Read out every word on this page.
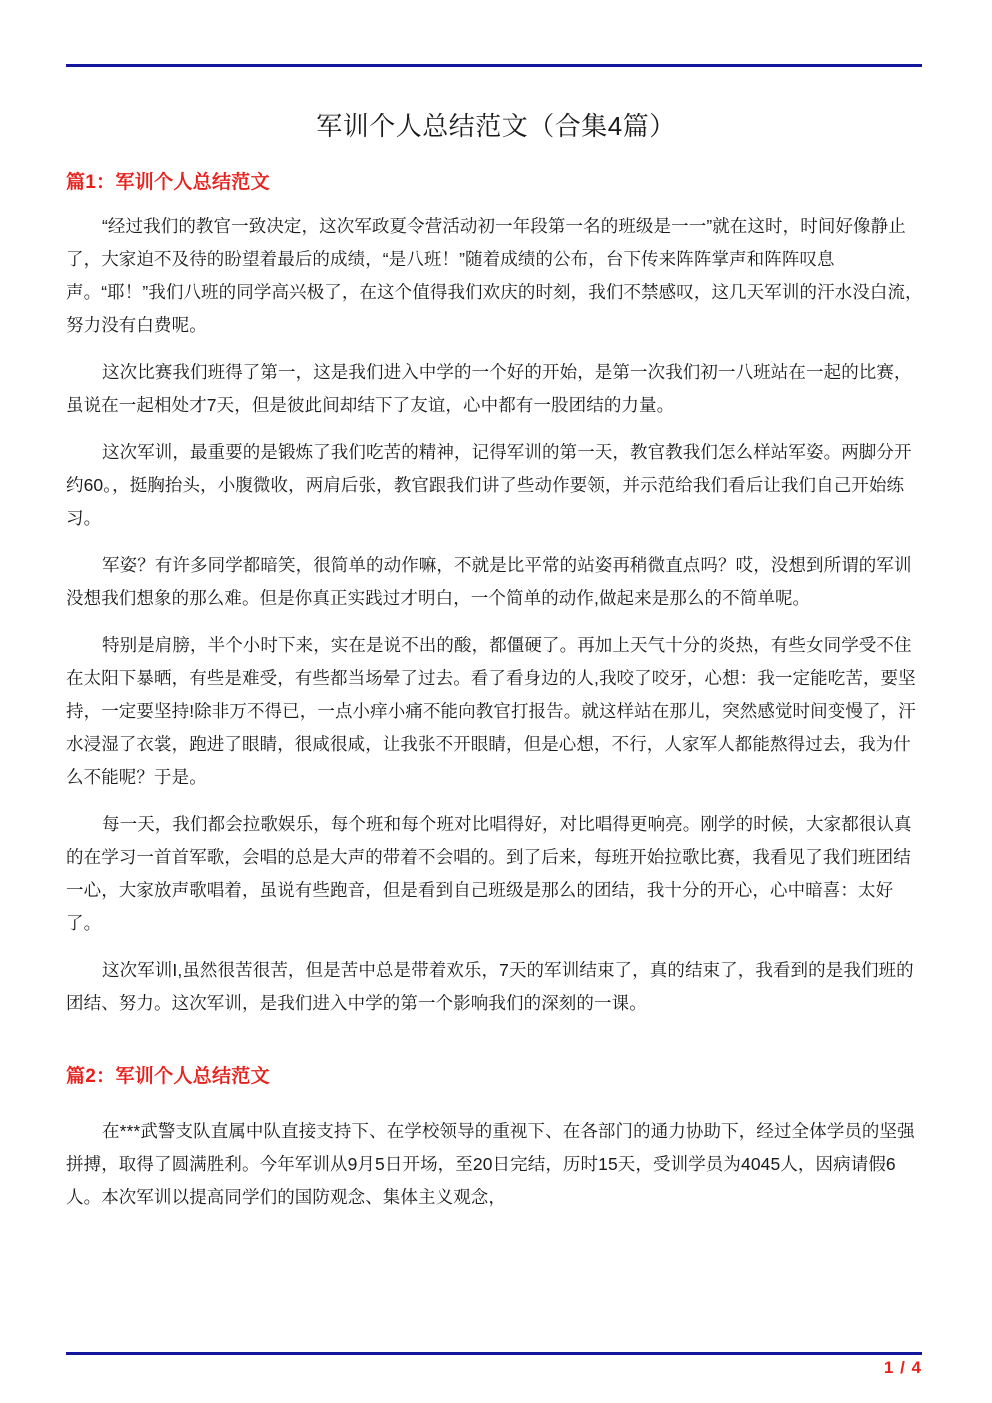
军训个人总结范文（合集4篇）
篇1：军训个人总结范文

“经过我们的教官一致决定，这次军政夏令营活动初一年段第一名的班级是一一”就在这时，时间好像静止了，大家迫不及待的盼望着最后的成绩，“是八班！”随着成绩的公布，台下传来阵阵掌声和阵阵叹息声。“耶！”我们八班的同学高兴极了，在这个值得我们欢庆的时刻，我们不禁感叹，这几天军训的汗水没白流，努力没有白费呢。

这次比赛我们班得了第一，这是我们进入中学的一个好的开始，是第一次我们初一八班站在一起的比赛，虽说在一起相处才7天，但是彼此间却结下了友谊，心中都有一股团结的力量。

这次军训，最重要的是锻炼了我们吃苦的精神，记得军训的第一天，教官教我们怎么样站军姿。两脚分开约60。，挺胸抬头，小腹微收，两肩后张，教官跟我们讲了些动作要领，并示范给我们看后让我们自己开始练习。

军姿？有许多同学都暗笑，很简单的动作嘛，不就是比平常的站姿再稍微直点吗？哎，没想到所谓的军训没想我们想象的那么难。但是你真正实践过才明白，一个简单的动作,做起来是那么的不简单呢。

特别是肩膀，半个小时下来，实在是说不出的酸，都僵硬了。再加上天气十分的炎热，有些女同学受不住在太阳下暴晒，有些是难受，有些都当场晕了过去。看了看身边的人,我咬了咬牙，心想：我一定能吃苦，要坚持，一定要坚持!除非万不得已，一点小痒小痛不能向教官打报告。就这样站在那儿，突然感觉时间变慢了，汗水浸湿了衣裳，跑进了眼睛，很咸很咸，让我张不开眼睛，但是心想，不行，人家军人都能熬得过去，我为什么不能呢？于是。

每一天，我们都会拉歌娱乐，每个班和每个班对比唱得好，对比唱得更响亮。刚学的时候，大家都很认真的在学习一首首军歌，会唱的总是大声的带着不会唱的。到了后来，每班开始拉歌比赛，我看见了我们班团结一心，大家放声歌唱着，虽说有些跑音，但是看到自己班级是那么的团结，我十分的开心，心中暗喜：太好了。

这次军训I,虽然很苦很苦，但是苦中总是带着欢乐，7天的军训结束了，真的结束了，我看到的是我们班的团结、努力。这次军训，是我们进入中学的第一个影响我们的深刻的一课。

篇2：军训个人总结范文

在***武警支队直属中队直接支持下、在学校领导的重视下、在各部门的通力协助下，经过全体学员的坚强拼搏，取得了圆满胜利。今年军训从9月5日开场，至20日完结，历时15天，受训学员为4045人，因病请假6人。本次军训以提高同学们的国防观念、集体主义观念，

1 / 4
